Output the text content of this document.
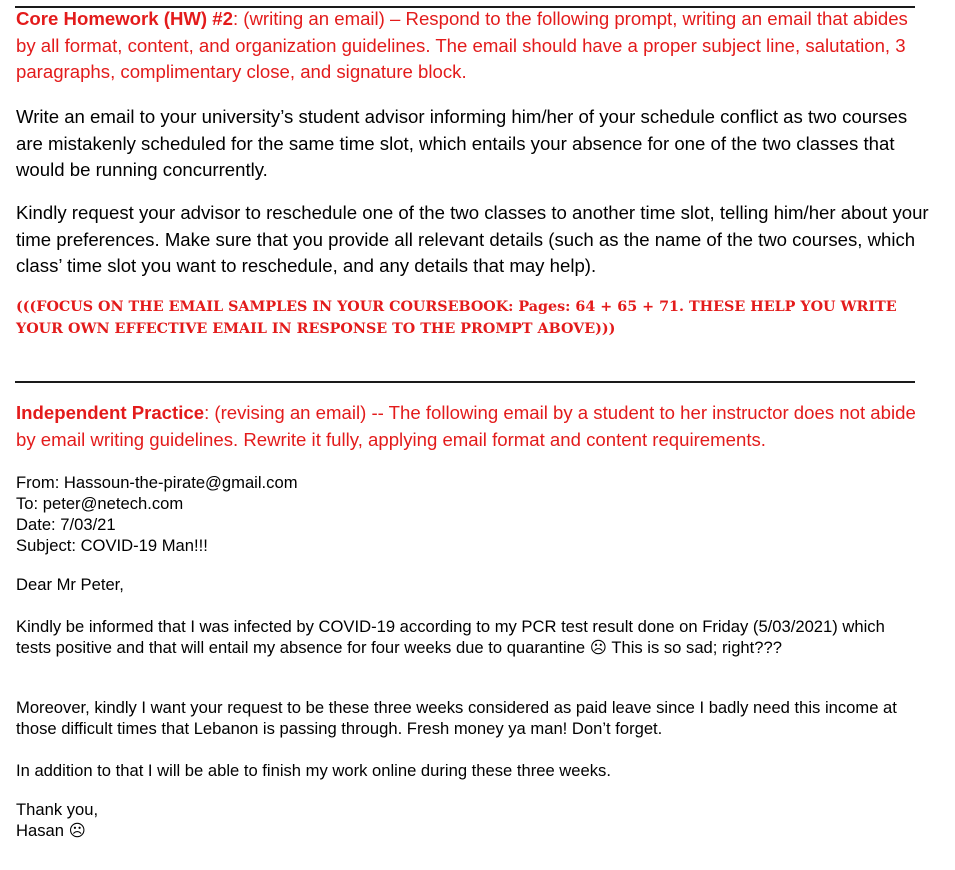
Core Homework (HW) #2: (writing an email) – Respond to the following prompt, writing an email that abides by all format, content, and organization guidelines. The email should have a proper subject line, salutation, 3 paragraphs, complimentary close, and signature block.

Write an email to your university’s student advisor informing him/her of your schedule conflict as two courses are mistakenly scheduled for the same time slot, which entails your absence for one of the two classes that would be running concurrently.

Kindly request your advisor to reschedule one of the two classes to another time slot, telling him/her about your time preferences. Make sure that you provide all relevant details (such as the name of the two courses, which class’ time slot you want to reschedule, and any details that may help).

(((FOCUS ON THE EMAIL SAMPLES IN YOUR COURSEBOOK: Pages: 64 + 65 + 71. THESE HELP YOU WRITE YOUR OWN EFFECTIVE EMAIL IN RESPONSE TO THE PROMPT ABOVE)))

Independent Practice: (revising an email) -- The following email by a student to her instructor does not abide by email writing guidelines. Rewrite it fully, applying email format and content requirements.

From: Hassoun-the-pirate@gmail.com
To: peter@netech.com
Date: 7/03/21
Subject: COVID-19 Man!!!

Dear Mr Peter,

Kindly be informed that I was infected by COVID-19 according to my PCR test result done on Friday (5/03/2021) which tests positive and that will entail my absence for four weeks due to quarantine ☹ This is so sad; right???

Moreover, kindly I want your request to be these three weeks considered as paid leave since I badly need this income at those difficult times that Lebanon is passing through. Fresh money ya man! Don’t forget.

In addition to that I will be able to finish my work online during these three weeks.

Thank you,
Hasan ☹
